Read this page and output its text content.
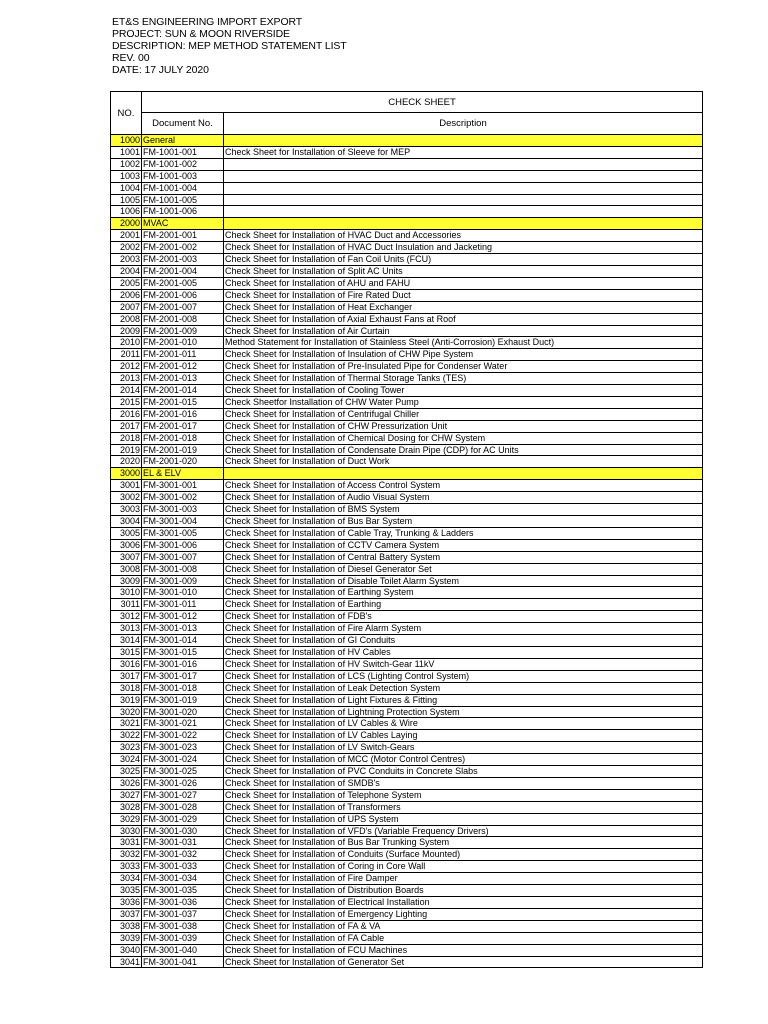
ET&S ENGINEERING IMPORT EXPORT
PROJECT: SUN & MOON RIVERSIDE
DESCRIPTION: MEP METHOD STATEMENT LIST
REV. 00
DATE: 17 JULY 2020
NO.	CHECK SHEET	
	Document No.	Description
1000	General	
1001	FM-1001-001	Check Sheet for Installation of Sleeve for MEP
1002	FM-1001-002	
1003	FM-1001-003	
1004	FM-1001-004	
1005	FM-1001-005	
1006	FM-1001-006	
2000	MVAC	
2001	FM-2001-001	Check Sheet for Installation of HVAC Duct and Accessories
2002	FM-2001-002	Check Sheet for Installation of HVAC Duct Insulation and Jacketing
2003	FM-2001-003	Check Sheet for Installation of Fan Coil Units (FCU)
2004	FM-2001-004	Check Sheet for Installation of Split AC Units
2005	FM-2001-005	Check Sheet for Installation of AHU and FAHU
2006	FM-2001-006	Check Sheet for Installation of Fire Rated Duct
2007	FM-2001-007	Check Sheet for Installation of Heat Exchanger
2008	FM-2001-008	Check Sheet for Installation of Axial Exhaust Fans at Roof
2009	FM-2001-009	Check Sheet for Installation of Air Curtain
2010	FM-2001-010	Method Statement for Installation of Stainless Steel (Anti-Corrosion) Exhaust Duct)
2011	FM-2001-011	Check Sheet for Installation of Insulation of CHW Pipe System
2012	FM-2001-012	Check Sheet for Installation of Pre-Insulated Pipe for Condenser Water
2013	FM-2001-013	Check Sheet for Installation of Thermal Storage Tanks (TES)
2014	FM-2001-014	Check Sheet for Installation of Cooling Tower
2015	FM-2001-015	Check Sheetfor Installation of CHW Water Pump
2016	FM-2001-016	Check Sheet for Installation of Centrifugal Chiller
2017	FM-2001-017	Check Sheet for Installation of CHW Pressurization Unit
2018	FM-2001-018	Check Sheet for Installation of Chemical Dosing for CHW System
2019	FM-2001-019	Check Sheet for Installation of Condensate Drain Pipe (CDP) for AC Units
2020	FM-2001-020	Check Sheet for Installation of Duct Work
3000	EL & ELV	
3001	FM-3001-001	Check Sheet for Installation of Access Control System
3002	FM-3001-002	Check Sheet for Installation of Audio Visual System
3003	FM-3001-003	Check Sheet for Installation of BMS System
3004	FM-3001-004	Check Sheet for Installation of Bus Bar System
3005	FM-3001-005	Check Sheet for Installation of Cable Tray, Trunking & Ladders
3006	FM-3001-006	Check Sheet for Installation of CCTV Camera System
3007	FM-3001-007	Check Sheet for Installation of Central Battery System
3008	FM-3001-008	Check Sheet for Installation of Diesel Generator Set
3009	FM-3001-009	Check Sheet for Installation of Disable Toilet Alarm System
3010	FM-3001-010	Check Sheet for Installation of Earthing System
3011	FM-3001-011	Check Sheet for Installation of Earthing
3012	FM-3001-012	Check Sheet for Installation of FDB's
3013	FM-3001-013	Check Sheet for Installation of Fire Alarm System
3014	FM-3001-014	Check Sheet for Installation of GI Conduits
3015	FM-3001-015	Check Sheet for Installation of HV Cables
3016	FM-3001-016	Check Sheet for Installation of HV Switch-Gear 11kV
3017	FM-3001-017	Check Sheet for Installation of LCS (Lighting Control System)
3018	FM-3001-018	Check Sheet for Installation of Leak Detection System
3019	FM-3001-019	Check Sheet for Installation of Light Fixtures & Fitting
3020	FM-3001-020	Check Sheet for Installation of Lightning Protection System
3021	FM-3001-021	Check Sheet for Installation of LV Cables & Wire
3022	FM-3001-022	Check Sheet for Installation of LV Cables Laying
3023	FM-3001-023	Check Sheet for Installation of LV Switch-Gears
3024	FM-3001-024	Check Sheet for Installation of MCC (Motor Control Centres)
3025	FM-3001-025	Check Sheet for Installation of PVC Conduits in Concrete Slabs
3026	FM-3001-026	Check Sheet for Installation of SMDB's
3027	FM-3001-027	Check Sheet for Installation of Telephone System
3028	FM-3001-028	Check Sheet for Installation of Transformers
3029	FM-3001-029	Check Sheet for Installation of UPS System
3030	FM-3001-030	Check Sheet for Installation of VFD's (Variable Frequency Drivers)
3031	FM-3001-031	Check Sheet for Installation of Bus Bar Trunking System
3032	FM-3001-032	Check Sheet for Installation of Conduits (Surface Mounted)
3033	FM-3001-033	Check Sheet for Installation of Coring in Core Wall
3034	FM-3001-034	Check Sheet for Installation of Fire Damper
3035	FM-3001-035	Check Sheet for Installation of Distribution Boards
3036	FM-3001-036	Check Sheet for Installation of Electrical Installation
3037	FM-3001-037	Check Sheet for Installation of Emergency Lighting
3038	FM-3001-038	Check Sheet for Installation of FA & VA
3039	FM-3001-039	Check Sheet for Installation of FA Cable
3040	FM-3001-040	Check Sheet for Installation of FCU Machines
3041	FM-3001-041	Check Sheet for Installation of Generator Set
